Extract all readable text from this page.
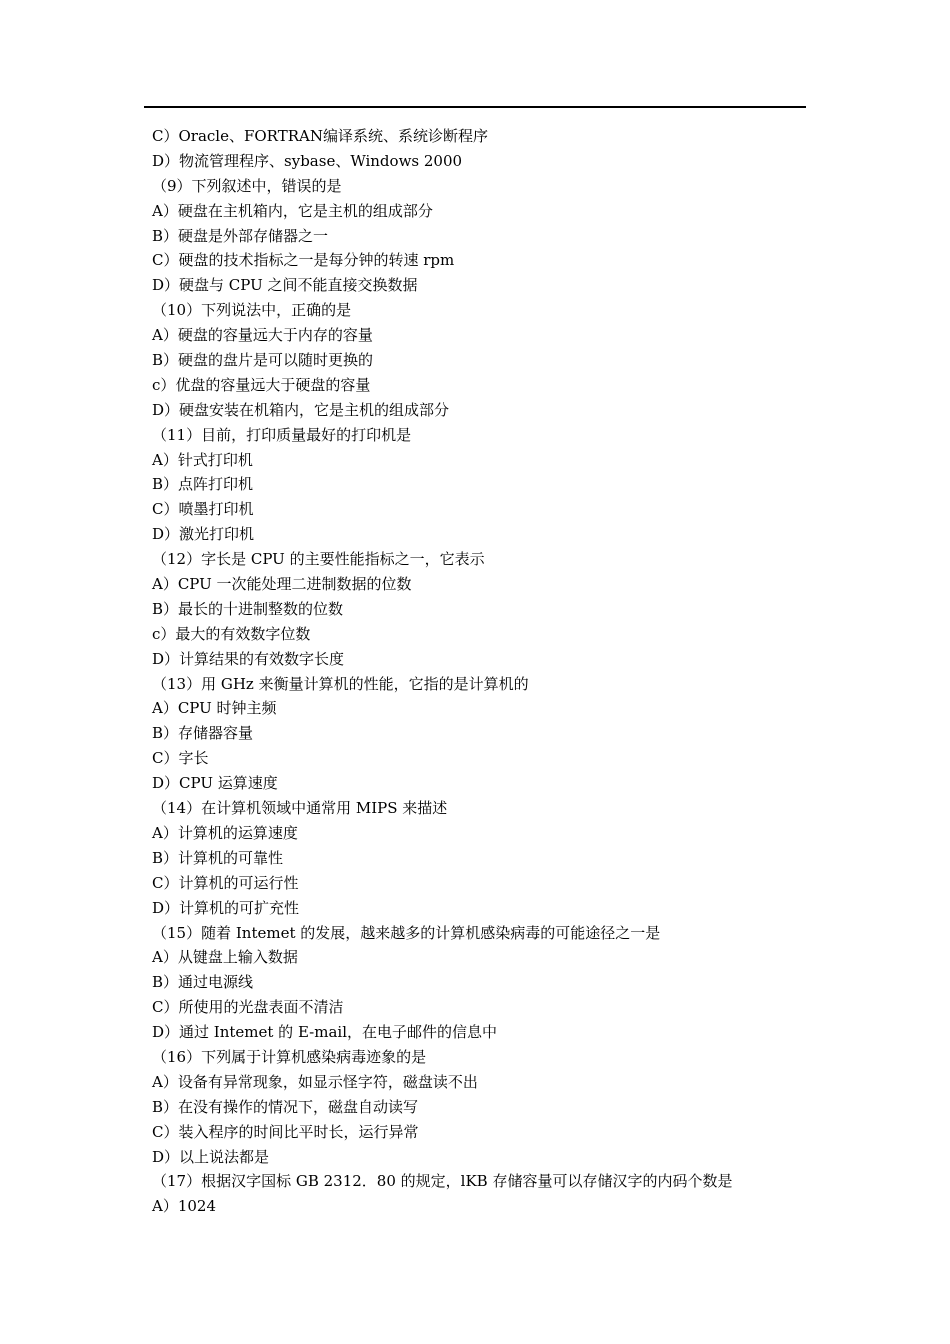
C）Oracle、FORTRAN编译系统、系统诊断程序
D）物流管理程序、sybase、Windows 2000
（9）下列叙述中，错误的是
A）硬盘在主机箱内，它是主机的组成部分
B）硬盘是外部存储器之一
C）硬盘的技术指标之一是每分钟的转速 rpm
D）硬盘与 CPU 之间不能直接交换数据
（10）下列说法中，正确的是
A）硬盘的容量远大于内存的容量
B）硬盘的盘片是可以随时更换的
c）优盘的容量远大于硬盘的容量
D）硬盘安装在机箱内，它是主机的组成部分
（11）目前，打印质量最好的打印机是
A）针式打印机
B）点阵打印机
C）喷墨打印机
D）激光打印机
（12）字长是 CPU 的主要性能指标之一，它表示
A）CPU 一次能处理二进制数据的位数
B）最长的十进制整数的位数
c）最大的有效数字位数
D）计算结果的有效数字长度
（13）用 GHz 来衡量计算机的性能，它指的是计算机的
A）CPU 时钟主频
B）存储器容量
C）字长
D）CPU 运算速度
（14）在计算机领域中通常用 MIPS 来描述
A）计算机的运算速度
B）计算机的可靠性
C）计算机的可运行性
D）计算机的可扩充性
（15）随着 Intemet 的发展，越来越多的计算机感染病毒的可能途径之一是
A）从键盘上输入数据
B）通过电源线
C）所使用的光盘表面不清洁
D）通过 Intemet 的 E-mail，在电子邮件的信息中
（16）下列属于计算机感染病毒迹象的是
A）设备有异常现象，如显示怪字符，磁盘读不出
B）在没有操作的情况下，磁盘自动读写
C）装入程序的时间比平时长，运行异常
D）以上说法都是
（17）根据汉字国标 GB 2312．80 的规定，lKB 存储容量可以存储汉字的内码个数是
A）1024
